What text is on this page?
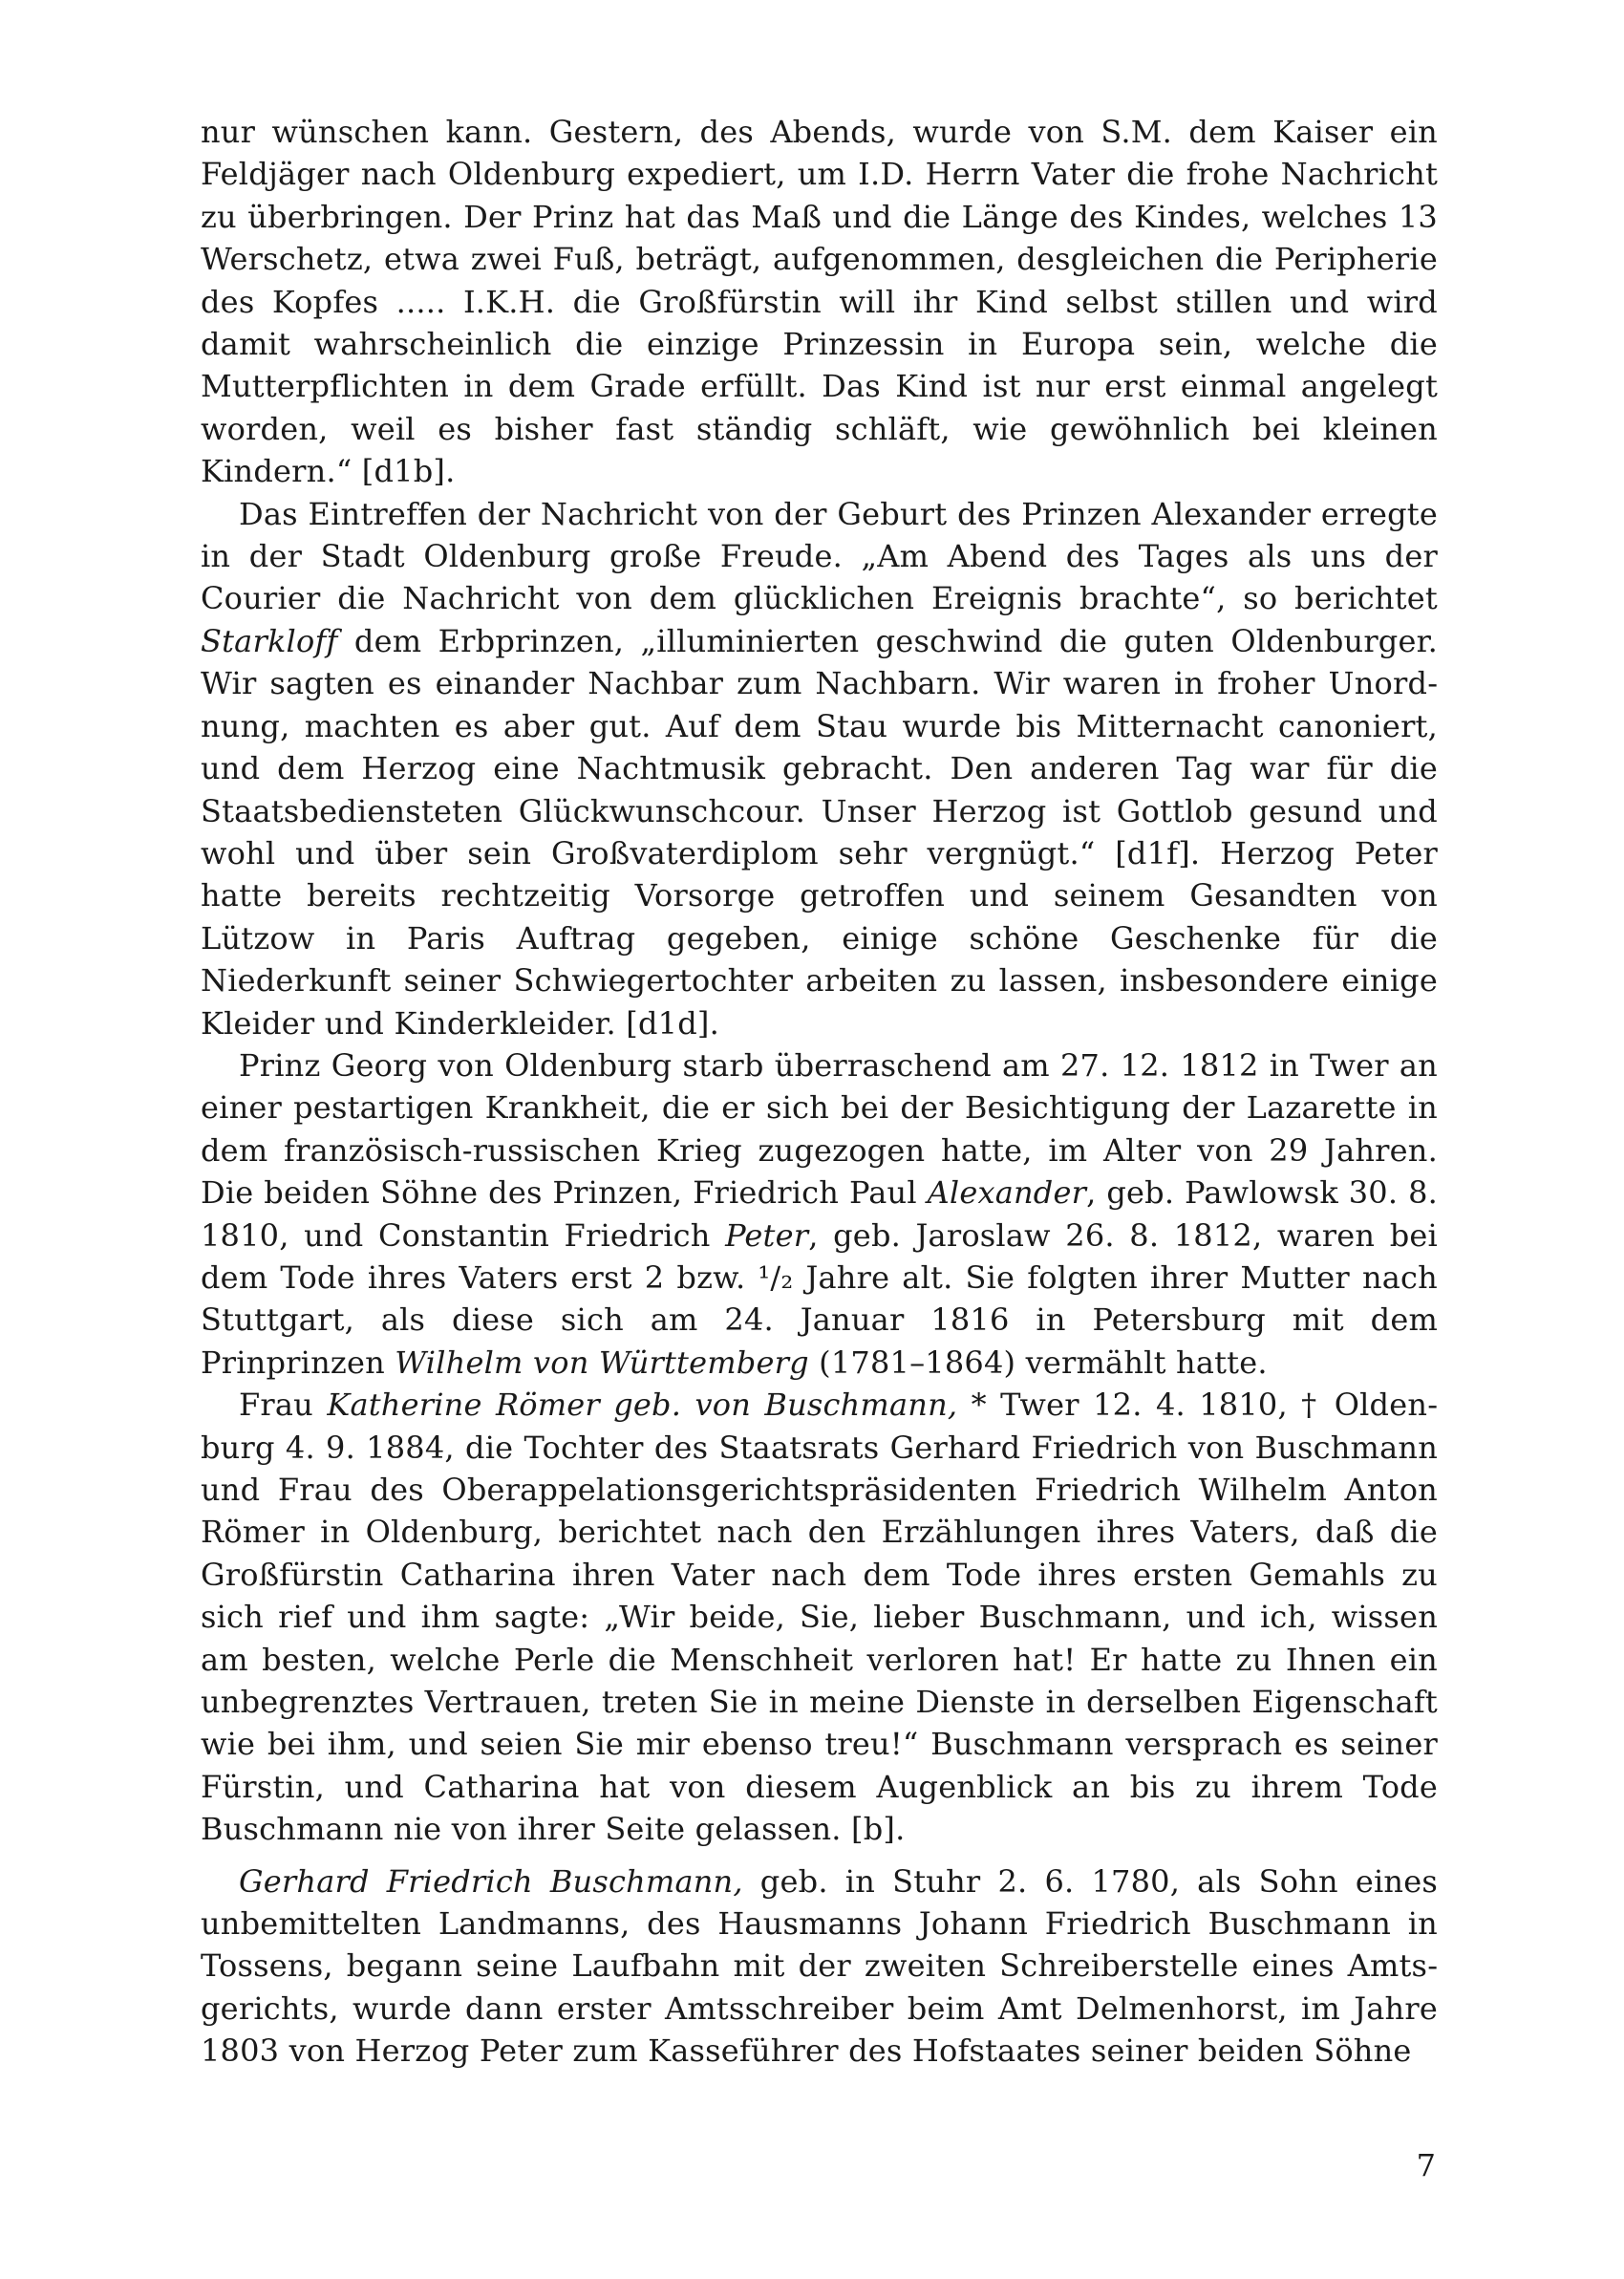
nur wünschen kann. Gestern, des Abends, wurde von S.M. dem Kaiser ein Feldjäger nach Oldenburg expediert, um I.D. Herrn Vater die frohe Nachricht zu überbringen. Der Prinz hat das Maß und die Länge des Kindes, welches 13 Werschetz, etwa zwei Fuß, beträgt, aufgenommen, desgleichen die Peripherie des Kopfes ..... I.K.H. die Großfürstin will ihr Kind selbst stillen und wird damit wahrscheinlich die einzige Prinzessin in Europa sein, welche die Mutterpflichten in dem Grade erfüllt. Das Kind ist nur erst einmal angelegt worden, weil es bisher fast ständig schläft, wie gewöhnlich bei kleinen Kindern.“ [d1b].

Das Eintreffen der Nachricht von der Geburt des Prinzen Alexander erregte in der Stadt Oldenburg große Freude. „Am Abend des Tages als uns der Courier die Nachricht von dem glücklichen Ereignis brachte“, so berichtet Starkloff dem Erbprinzen, „illuminierten geschwind die guten Oldenburger. Wir sagten es einander Nachbar zum Nachbarn. Wir waren in froher Unordnung, machten es aber gut. Auf dem Stau wurde bis Mitternacht canoniert, und dem Herzog eine Nachtmusik gebracht. Den anderen Tag war für die Staatsbediensteten Glückwunschcour. Unser Herzog ist Gottlob gesund und wohl und über sein Großvaterdiplom sehr vergnügt.“ [d1f]. Herzog Peter hatte bereits rechtzeitig Vorsorge getroffen und seinem Gesandten von Lützow in Paris Auftrag gegeben, einige schöne Geschenke für die Niederkunft seiner Schwiegertochter arbeiten zu lassen, insbesondere einige Kleider und Kinderkleider. [d1d].

Prinz Georg von Oldenburg starb überraschend am 27. 12. 1812 in Twer an einer pestartigen Krankheit, die er sich bei der Besichtigung der Lazarette in dem französisch-russischen Krieg zugezogen hatte, im Alter von 29 Jahren. Die beiden Söhne des Prinzen, Friedrich Paul Alexander, geb. Pawlowsk 30. 8. 1810, und Constantin Friedrich Peter, geb. Jaroslaw 26. 8. 1812, waren bei dem Tode ihres Vaters erst 2 bzw. ¹/₂ Jahre alt. Sie folgten ihrer Mutter nach Stuttgart, als diese sich am 24. Januar 1816 in Petersburg mit dem Prinprinzen Wilhelm von Württemberg (1781–1864) vermählt hatte.

Frau Katherine Römer geb. von Buschmann, * Twer 12. 4. 1810, † Oldenburg 4. 9. 1884, die Tochter des Staatsrats Gerhard Friedrich von Buschmann und Frau des Oberappelationsgerichtspräsidenten Friedrich Wilhelm Anton Römer in Oldenburg, berichtet nach den Erzählungen ihres Vaters, daß die Großfürstin Catharina ihren Vater nach dem Tode ihres ersten Gemahls zu sich rief und ihm sagte: „Wir beide, Sie, lieber Buschmann, und ich, wissen am besten, welche Perle die Menschheit verloren hat! Er hatte zu Ihnen ein unbegrenztes Vertrauen, treten Sie in meine Dienste in derselben Eigenschaft wie bei ihm, und seien Sie mir ebenso treu!“ Buschmann versprach es seiner Fürstin, und Catharina hat von diesem Augenblick an bis zu ihrem Tode Buschmann nie von ihrer Seite gelassen. [b].

Gerhard Friedrich Buschmann, geb. in Stuhr 2. 6. 1780, als Sohn eines unbemittelten Landmanns, des Hausmanns Johann Friedrich Buschmann in Tossens, begann seine Laufbahn mit der zweiten Schreiberstelle eines Amtsgerichts, wurde dann erster Amtsschreiber beim Amt Delmenhorst, im Jahre 1803 von Herzog Peter zum Kasseführer des Hofstaates seiner beiden Söhne

7
